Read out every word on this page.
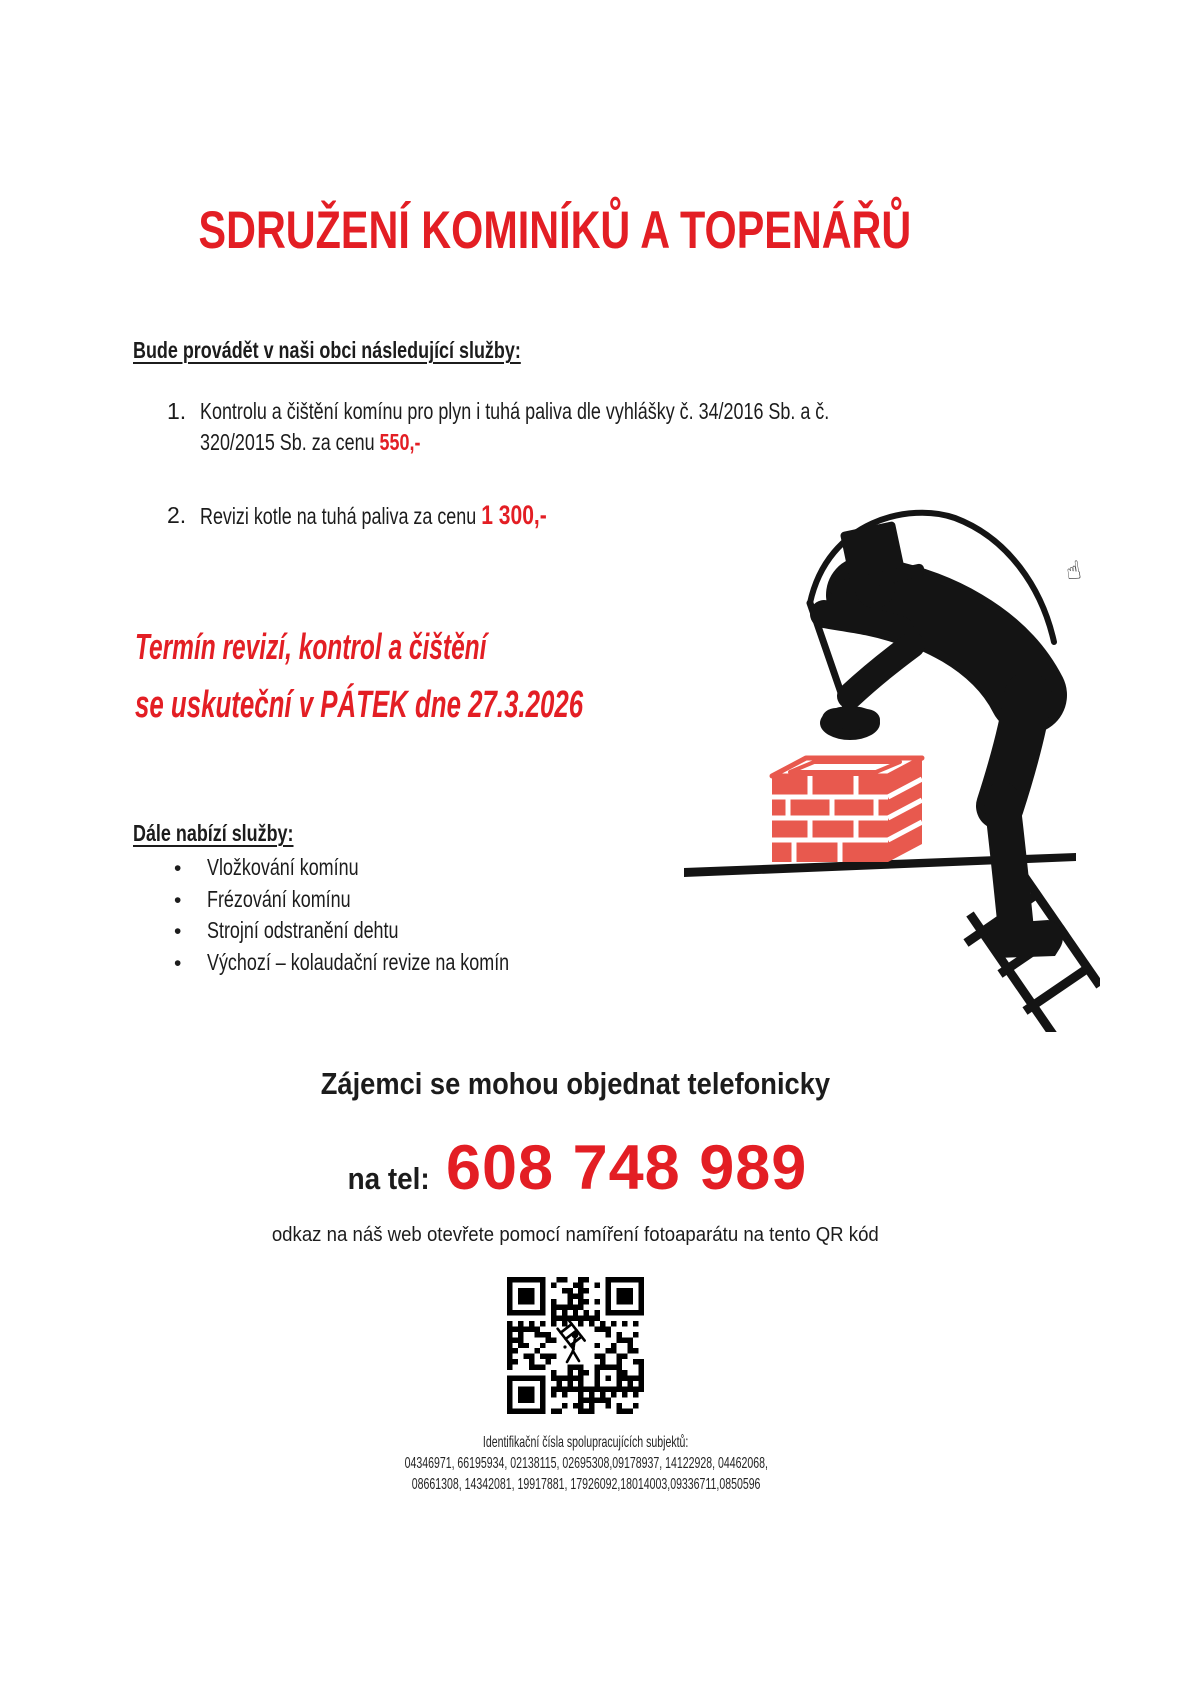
SDRUŽENÍ KOMINÍKŮ A TOPENÁŘŮ
Bude provádět v naši obci následující služby:
1. Kontrolu a čištění komínu pro plyn i tuhá paliva dle vyhlášky č. 34/2016 Sb. a č.
320/2015 Sb. za cenu 550,-
2. Revizi kotle na tuhá paliva za cenu 1 300,-
Termín revizí, kontrol a čištění
se uskuteční v PÁTEK dne 27.3.2026
Dále nabízí služby:
•
Vložkování komínu
•
Frézování komínu
•
Strojní odstranění dehtu
•
Výchozí – kolaudační revize na komín
Zájemci se mohou objednat telefonicky
na tel: 608 748 989
odkaz na náš web otevřete pomocí namíření fotoaparátu na tento QR kód
Identifikační čísla spolupracujících subjektů:
04346971, 66195934, 02138115, 02695308,09178937, 14122928, 04462068,
08661308, 14342081, 19917881, 17926092,18014003,09336711,0850596
☝
